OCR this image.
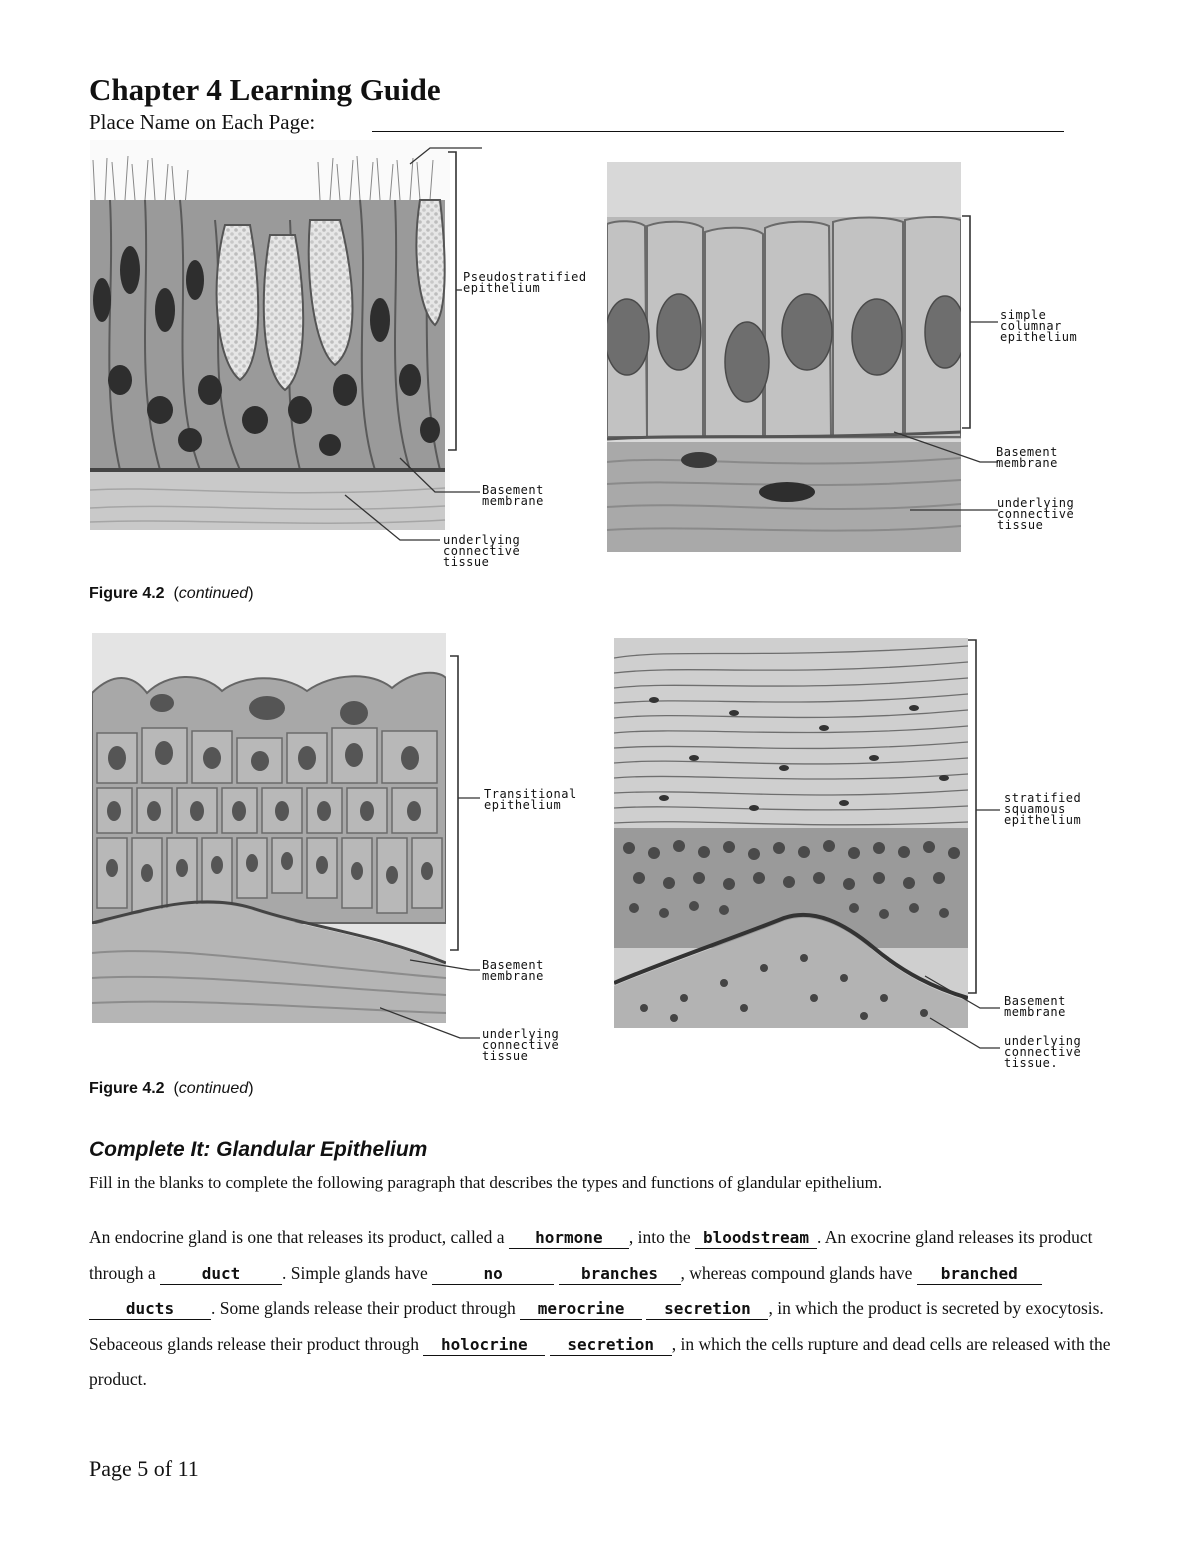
Chapter 4 Learning Guide
Place Name on Each Page:
Pseudostratified
epithelium
Basement
membrane
underlying
connective
tissue
simple
columnar
epithelium
Basement
membrane
underlying
connective
tissue
Figure 4.2  (continued)
Transitional
epithelium
Basement
membrane
underlying
connective
tissue
stratified
squamous
epithelium
Basement
membrane
underlying
connective
tissue.
Figure 4.2  (continued)
Complete It: Glandular Epithelium
Fill in the blanks to complete the following paragraph that describes the types and functions of glandular epithelium.
An endocrine gland is one that releases its product, called a hormone , into the bloodstream . An exocrine gland releases its product through a	duct . Simple glands have	no	branches , whereas compound glands have branched ducts . Some glands release their product through merocrine secretion , in which the product is secreted by exocytosis. Sebaceous glands release their product through holocrine secretion , in which the cells rupture and dead cells are released with the product.
Page 5 of 11
